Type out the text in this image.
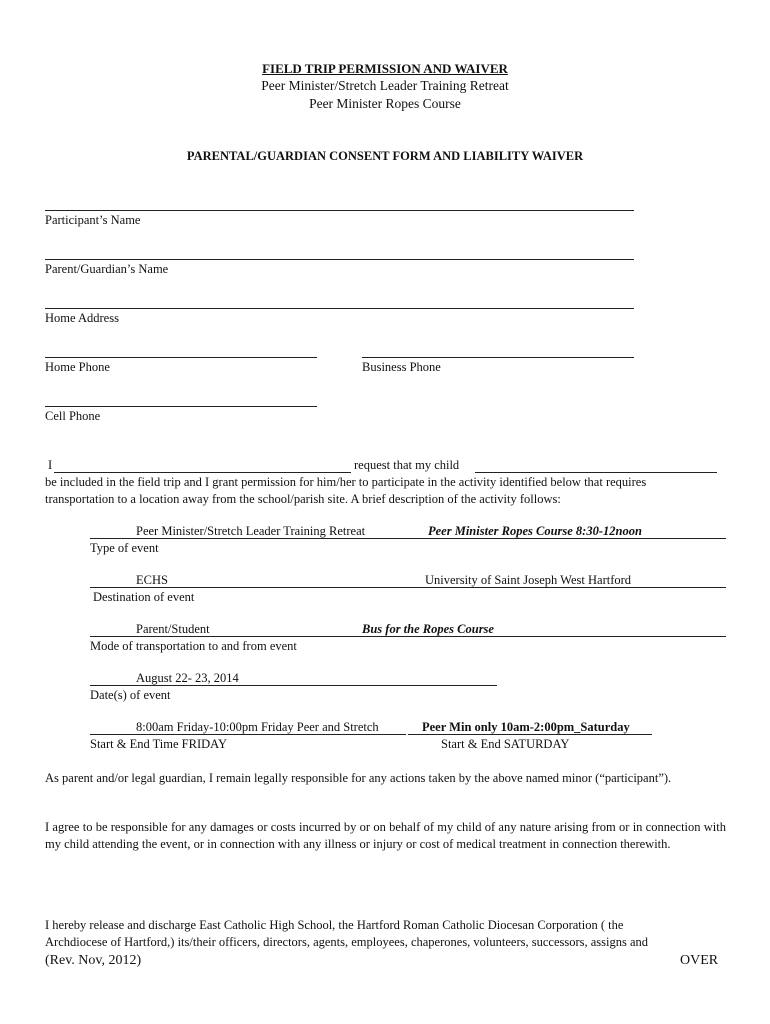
FIELD TRIP PERMISSION AND WAIVER
Peer Minister/Stretch Leader Training Retreat
Peer Minister Ropes Course
PARENTAL/GUARDIAN CONSENT FORM AND LIABILITY WAIVER
Participant’s Name
Parent/Guardian’s Name
Home Address
Home Phone	Business Phone
Cell Phone
I	request that my child
be included in the field trip and I grant permission for him/her to participate in the activity identified below that requires
transportation to a location away from the school/parish site. A brief description of the activity follows:
Peer Minister/Stretch Leader Training Retreat	Peer Minister Ropes Course 8:30-12noon
Type of event
ECHS	University of Saint Joseph West Hartford
Destination of event
Parent/Student	Bus for the Ropes Course
Mode of transportation to and from event
August 22- 23, 2014
Date(s) of event
8:00am Friday-10:00pm Friday Peer and Stretch	Peer Min only 10am-2:00pm_Saturday
Start & End Time FRIDAY	Start & End SATURDAY
As parent and/or legal guardian, I remain legally responsible for any actions taken by the above named minor (“participant”).
I agree to be responsible for any damages or costs incurred by or on behalf of my child of any nature arising from or in connection with my child attending the event, or in connection with any illness or injury or cost of medical treatment in connection therewith.
I hereby release and discharge East Catholic High School, the Hartford Roman Catholic Diocesan Corporation ( the
Archdiocese of Hartford,) its/their officers, directors, agents, employees, chaperones, volunteers, successors, assigns and
(Rev. Nov, 2012)	OVER
